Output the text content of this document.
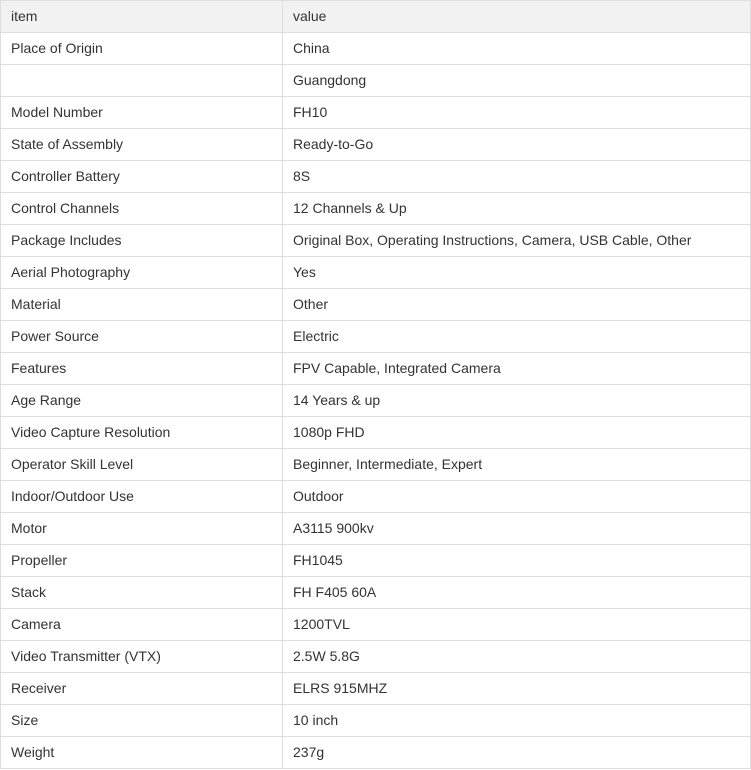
item	value
Place of Origin	China
	Guangdong
Model Number	FH10
State of Assembly	Ready-to-Go
Controller Battery	8S
Control Channels	12 Channels & Up
Package Includes	Original Box, Operating Instructions, Camera, USB Cable, Other
Aerial Photography	Yes
Material	Other
Power Source	Electric
Features	FPV Capable, Integrated Camera
Age Range	14 Years & up
Video Capture Resolution	1080p FHD
Operator Skill Level	Beginner, Intermediate, Expert
Indoor/Outdoor Use	Outdoor
Motor	A3115 900kv
Propeller	FH1045
Stack	FH F405 60A
Camera	1200TVL
Video Transmitter (VTX)	2.5W 5.8G
Receiver	ELRS 915MHZ
Size	10 inch
Weight	237g
